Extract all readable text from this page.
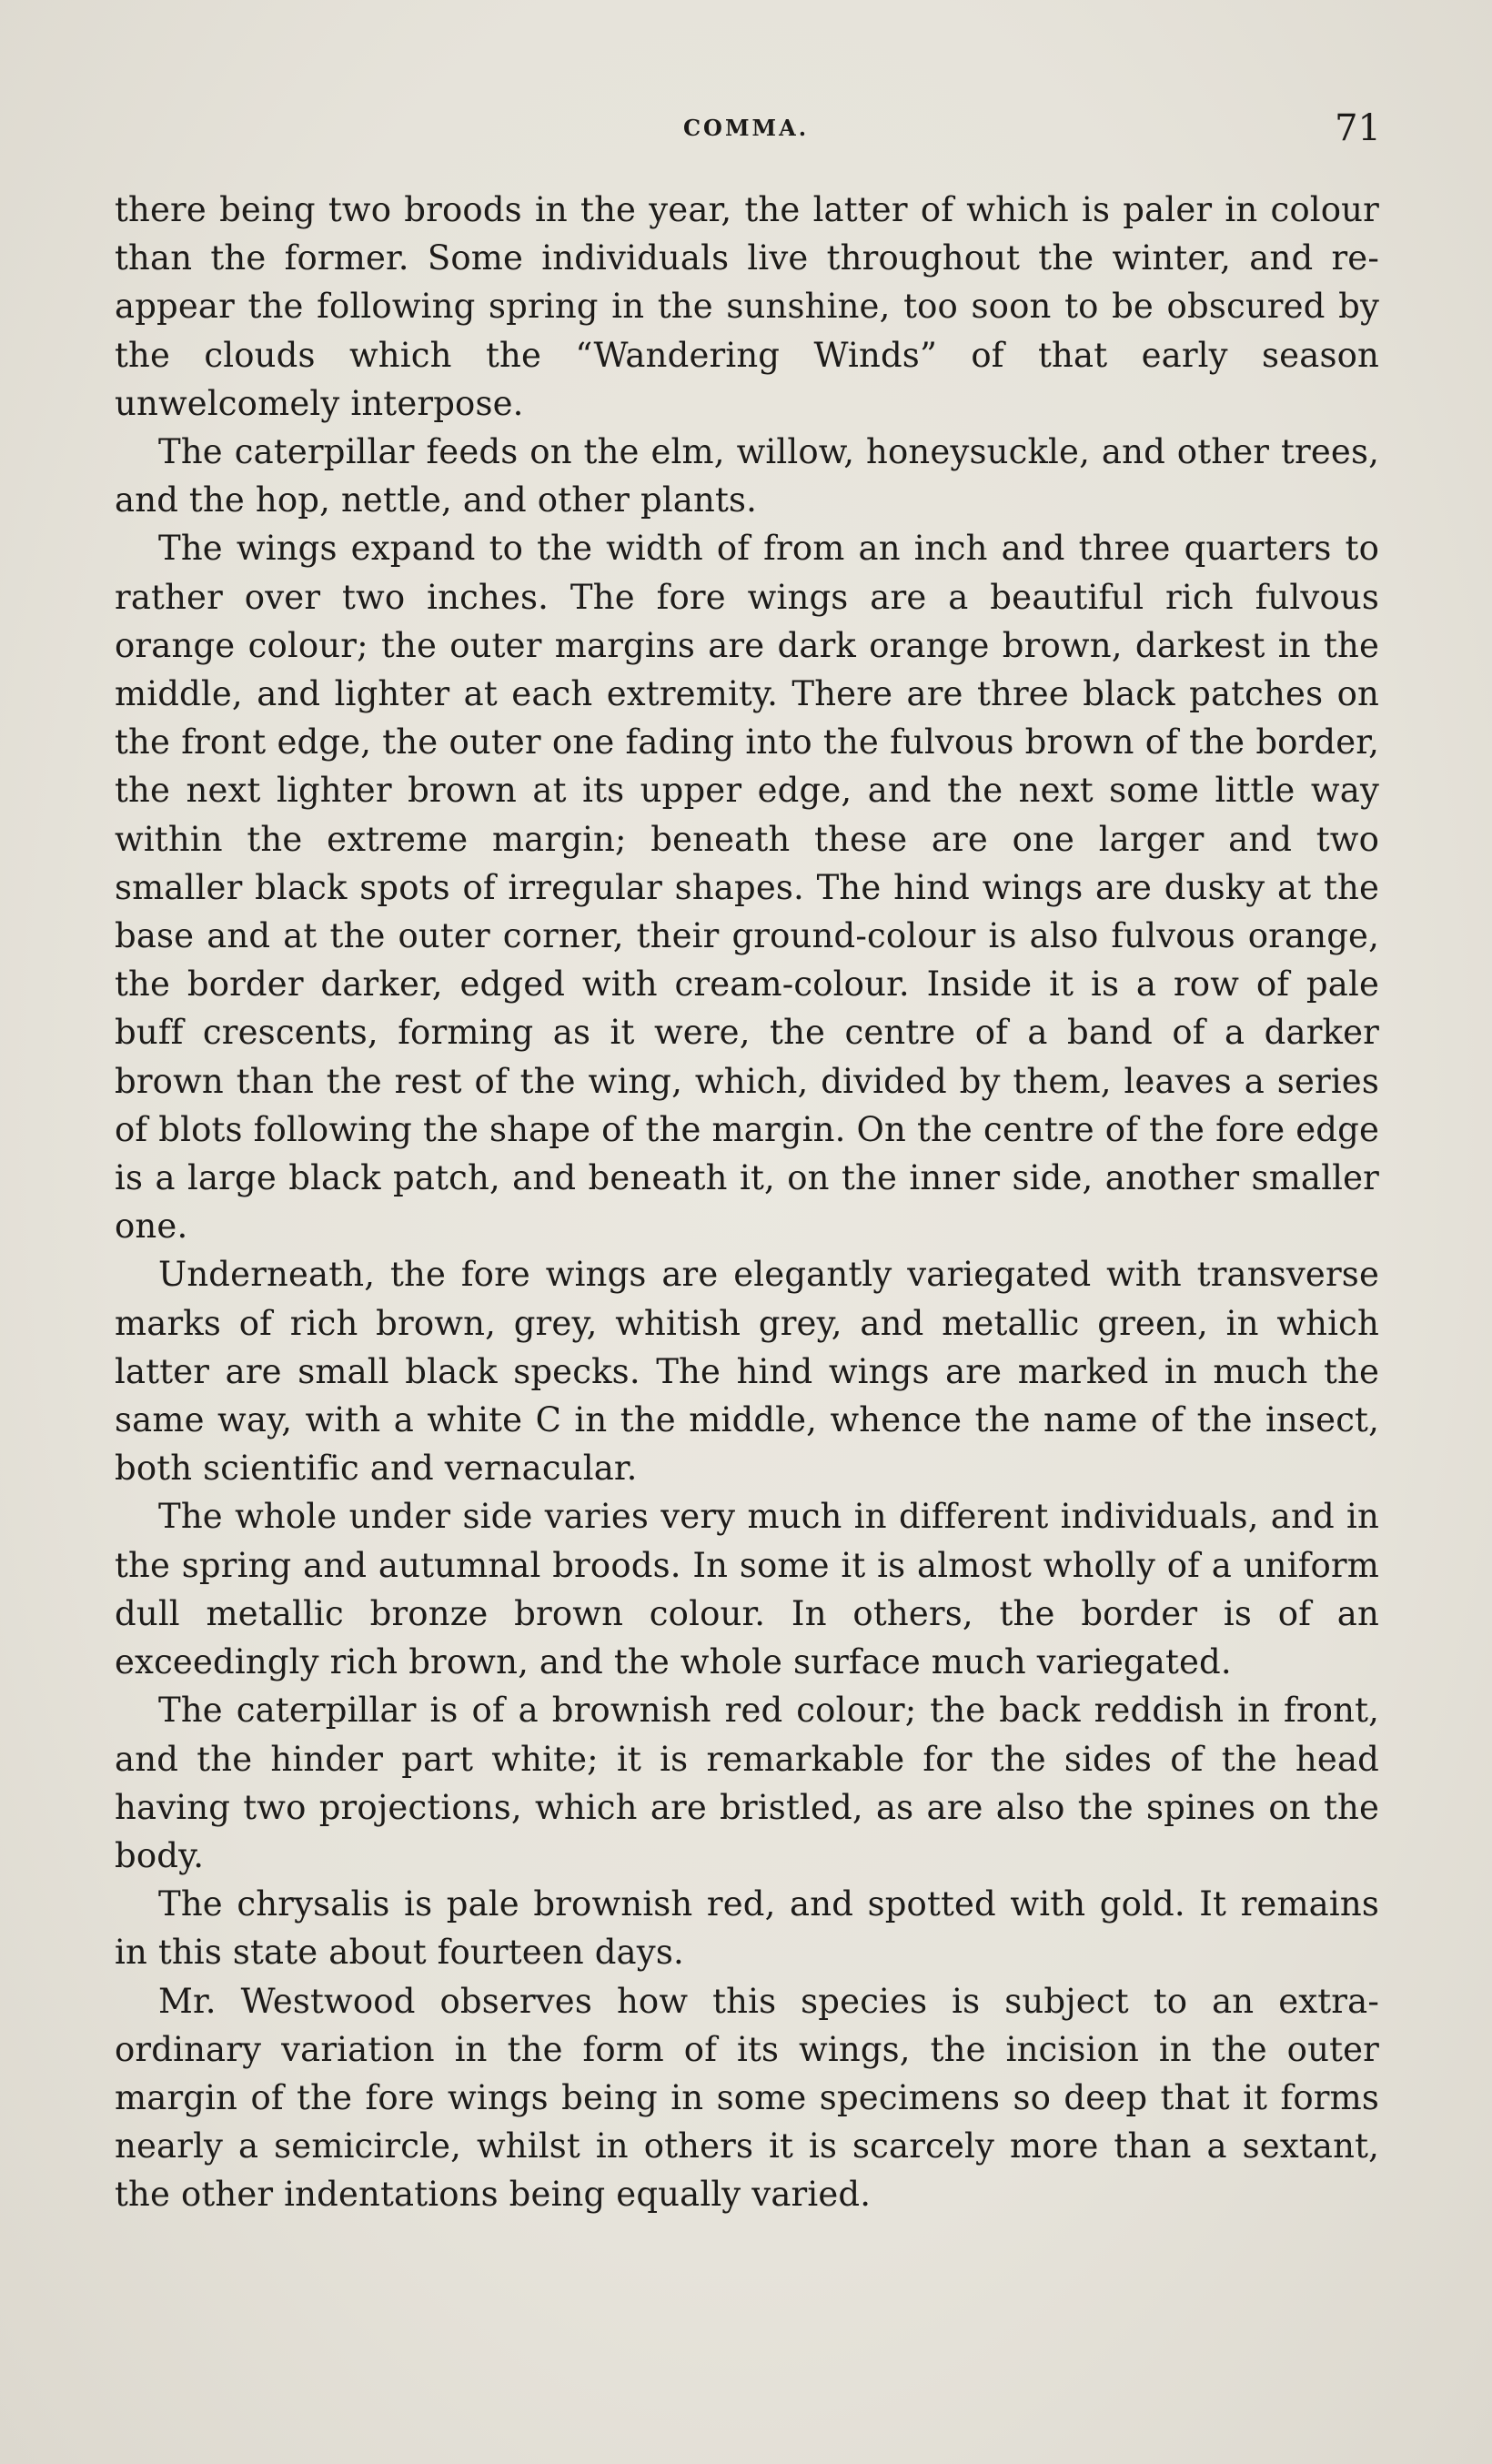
COMMA.	71

there being two broods in the year, the latter of which is paler in colour than the former. Some individuals live throughout the winter, and re-appear the following spring in the sunshine, too soon to be obscured by the clouds which the “Wandering Winds” of that early season unwelcomely interpose.

The caterpillar feeds on the elm, willow, honeysuckle, and other trees, and the hop, nettle, and other plants.

The wings expand to the width of from an inch and three quarters to rather over two inches. The fore wings are a beautiful rich fulvous orange colour; the outer margins are dark orange brown, darkest in the middle, and lighter at each extremity. There are three black patches on the front edge, the outer one fading into the fulvous brown of the border, the next lighter brown at its upper edge, and the next some little way within the extreme margin; beneath these are one larger and two smaller black spots of irregular shapes. The hind wings are dusky at the base and at the outer corner, their ground-colour is also fulvous orange, the border darker, edged with cream-colour. Inside it is a row of pale buff crescents, forming as it were, the centre of a band of a darker brown than the rest of the wing, which, divided by them, leaves a series of blots following the shape of the margin. On the centre of the fore edge is a large black patch, and beneath it, on the inner side, another smaller one.

Underneath, the fore wings are elegantly variegated with transverse marks of rich brown, grey, whitish grey, and metallic green, in which latter are small black specks. The hind wings are marked in much the same way, with a white C in the middle, whence the name of the insect, both scientific and vernacular.

The whole under side varies very much in different individuals, and in the spring and autumnal broods. In some it is almost wholly of a uniform dull metallic bronze brown colour. In others, the border is of an exceedingly rich brown, and the whole surface much variegated.

The caterpillar is of a brownish red colour; the back reddish in front, and the hinder part white; it is remarkable for the sides of the head having two projections, which are bristled, as are also the spines on the body.

The chrysalis is pale brownish red, and spotted with gold. It remains in this state about fourteen days.

Mr. Westwood observes how this species is subject to an extra-ordinary variation in the form of its wings, the incision in the outer margin of the fore wings being in some specimens so deep that it forms nearly a semicircle, whilst in others it is scarcely more than a sextant, the other indentations being equally varied.
